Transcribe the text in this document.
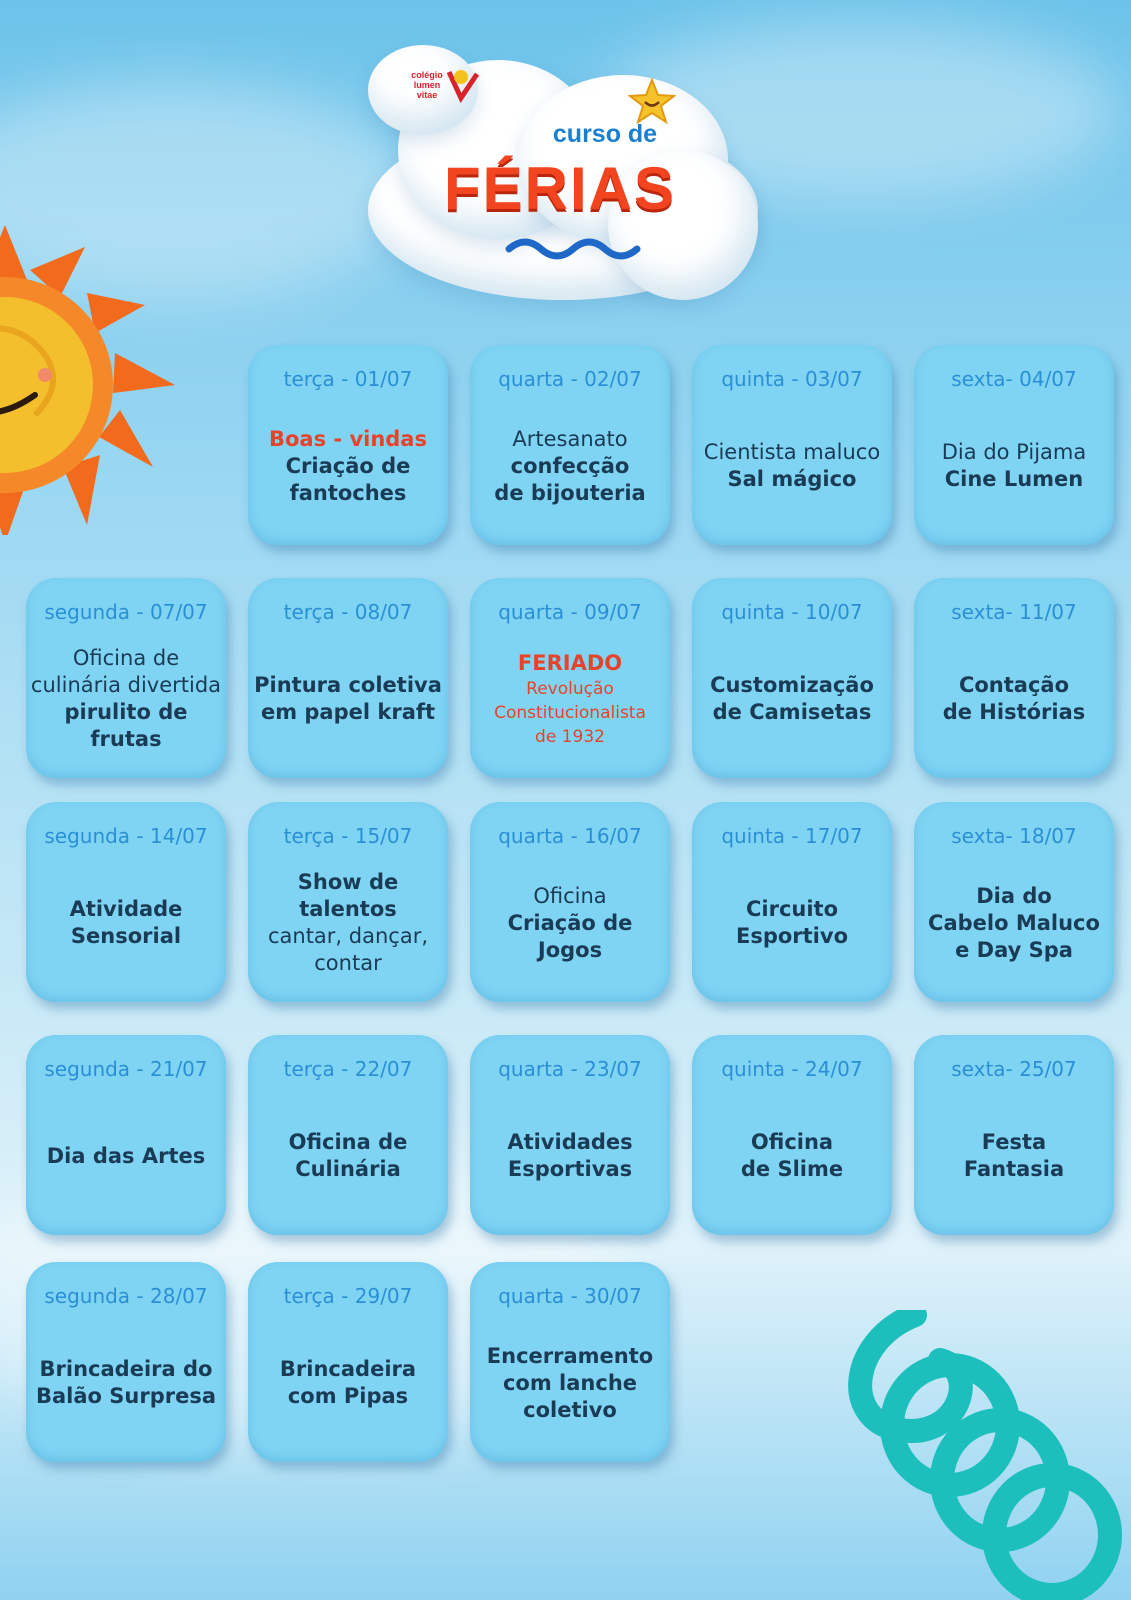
colégio lumen vitae
curso de
FÉRIAS
terça - 01/07
Boas - vindas
Criação de
fantoches
quarta - 02/07
Artesanato
confecção
de bijouteria
quinta - 03/07
Cientista maluco
Sal mágico
sexta- 04/07
Dia do Pijama
Cine Lumen
segunda - 07/07
Oficina de
culinária divertida
pirulito de frutas
terça - 08/07
Pintura coletiva
em papel kraft
quarta - 09/07
FERIADO
Revolução
Constitucionalista
de 1932
quinta - 10/07
Customização
de Camisetas
sexta- 11/07
Contação
de Histórias
segunda - 14/07
Atividade
Sensorial
terça - 15/07
Show de talentos
cantar, dançar,
contar
quarta - 16/07
Oficina
Criação de Jogos
quinta - 17/07
Circuito
Esportivo
sexta- 18/07
Dia do
Cabelo Maluco
e Day Spa
segunda - 21/07
Dia das Artes
terça - 22/07
Oficina de
Culinária
quarta - 23/07
Atividades
Esportivas
quinta - 24/07
Oficina
de Slime
sexta- 25/07
Festa
Fantasia
segunda - 28/07
Brincadeira do
Balão Surpresa
terça - 29/07
Brincadeira
com Pipas
quarta - 30/07
Encerramento
com lanche
coletivo
